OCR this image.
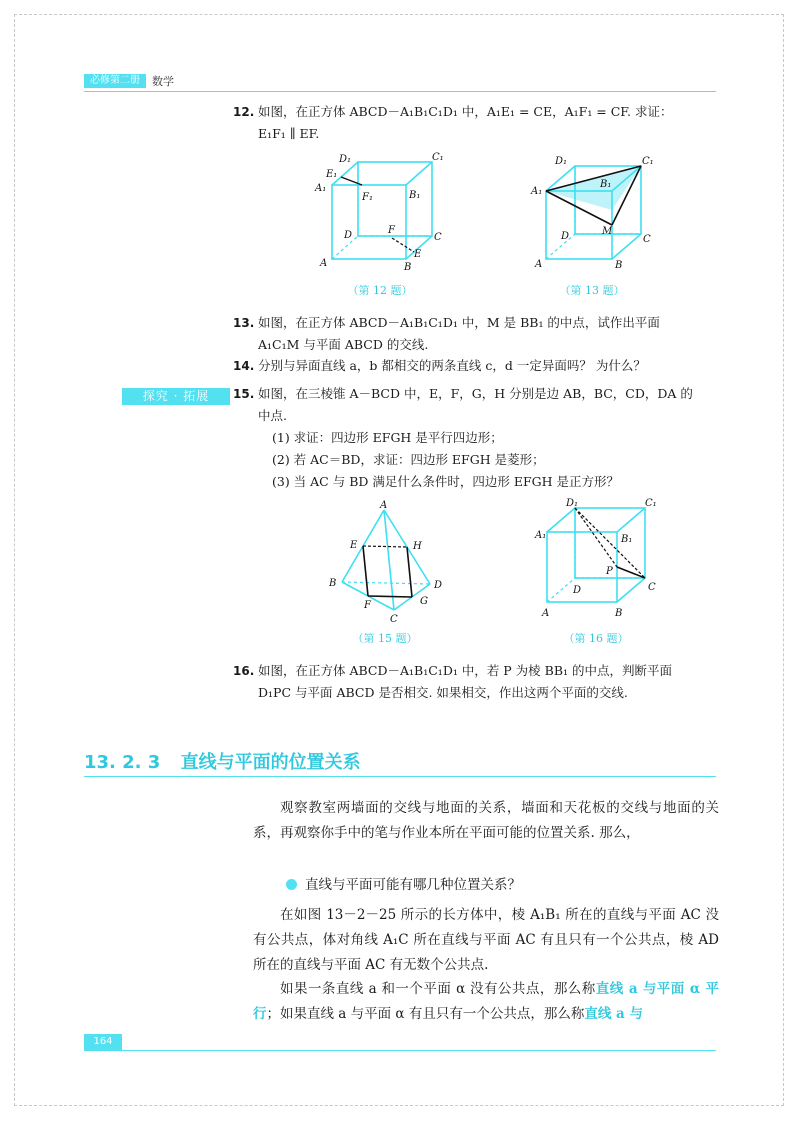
必修第二册	数学
12. 如图，在正方体 ABCD－A₁B₁C₁D₁ 中，A₁E₁ = CE，A₁F₁ = CF. 求证：
E₁F₁ ∥ EF.
D₁	C₁
E₁
A₁
F₁	B₁
D	F
C
E
A	B
（第 12 题）
D₁	C₁
A₁
B₁
M
D	C
A	B
（第 13 题）
13. 如图，在正方体 ABCD－A₁B₁C₁D₁ 中，M 是 BB₁ 的中点，试作出平面
A₁C₁M 与平面 ABCD 的交线.
14. 分别与异面直线 a，b 都相交的两条直线 c，d 一定异面吗？ 为什么？
探究 · 拓展	15. 如图，在三棱锥 A－BCD 中，E，F，G，H 分别是边 AB，BC，CD，DA 的
中点.
(1) 求证：四边形 EFGH 是平行四边形；
(2) 若 AC＝BD，求证：四边形 EFGH 是菱形；
(3) 当 AC 与 BD 满足什么条件时，四边形 EFGH 是正方形？
A
E	H
B	D
F	G
C
（第 15 题）
D₁	C₁
A₁	B₁
P
D	C
A	B
（第 16 题）
16. 如图，在正方体 ABCD－A₁B₁C₁D₁ 中，若 P 为棱 BB₁ 的中点，判断平面
D₁PC 与平面 ABCD 是否相交. 如果相交，作出这两个平面的交线.
13. 2. 3 直线与平面的位置关系
观察教室两墙面的交线与地面的关系，墙面和天花板的交线与地面的关系，再观察你手中的笔与作业本所在平面可能的位置关系. 那么，
直线与平面可能有哪几种位置关系？
在如图 13－2－25 所示的长方体中，棱 A₁B₁ 所在的直线与平面 AC 没有公共点，体对角线 A₁C 所在直线与平面 AC 有且只有一个公共点，棱 AD 所在的直线与平面 AC 有无数个公共点.
如果一条直线 a 和一个平面 α 没有公共点，那么称直线 a 与平面 α 平行；如果直线 a 与平面 α 有且只有一个公共点，那么称直线 a 与
164
